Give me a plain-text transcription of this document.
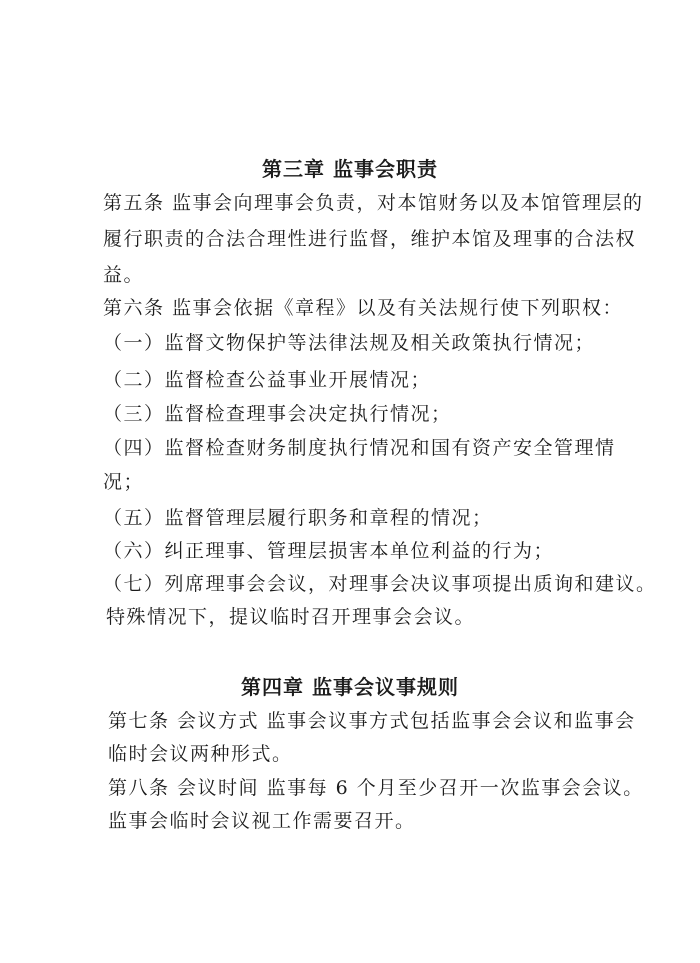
第三章 监事会职责

第五条 监事会向理事会负责，对本馆财务以及本馆管理层的

履行职责的合法合理性进行监督，维护本馆及理事的合法权

益。

第六条 监事会依据《章程》以及有关法规行使下列职权：

（一）监督文物保护等法律法规及相关政策执行情况；

（二）监督检查公益事业开展情况；

（三）监督检查理事会决定执行情况；

（四）监督检查财务制度执行情况和国有资产安全管理情

况；

（五）监督管理层履行职务和章程的情况；

（六）纠正理事、管理层损害本单位利益的行为；

（七）列席理事会会议，对理事会决议事项提出质询和建议。

特殊情况下，提议临时召开理事会会议。

第四章 监事会议事规则

第七条 会议方式 监事会议事方式包括监事会会议和监事会

临时会议两种形式。

第八条 会议时间 监事每 6 个月至少召开一次监事会会议。

监事会临时会议视工作需要召开。
